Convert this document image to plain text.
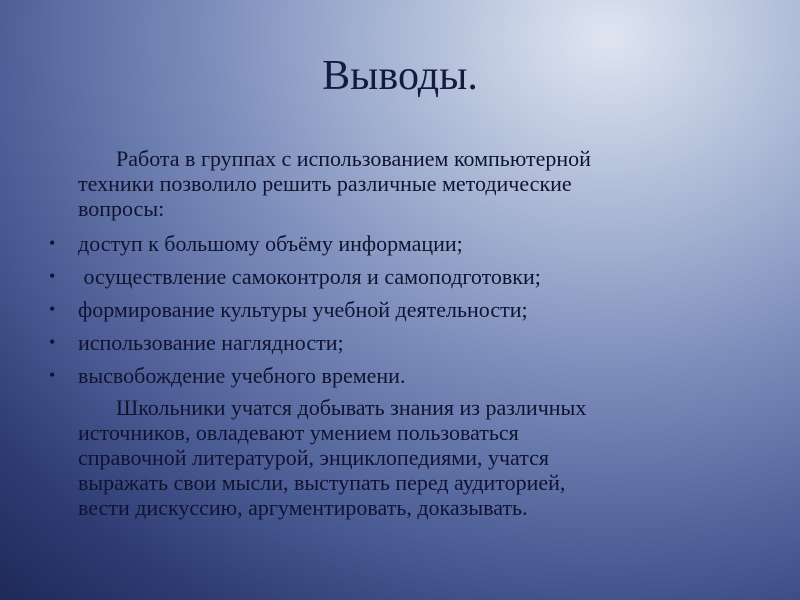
Выводы.
Работа в группах с использованием компьютерной
техники позволило решить различные методические
вопросы:
• доступ к большому объёму информации;
• осуществление самоконтроля и самоподготовки;
• формирование культуры учебной деятельности;
• использование наглядности;
• высвобождение учебного времени.
Школьники учатся добывать знания из различных
источников, овладевают умением пользоваться
справочной литературой, энциклопедиями, учатся
выражать свои мысли, выступать перед аудиторией,
вести дискуссию, аргументировать, доказывать.
